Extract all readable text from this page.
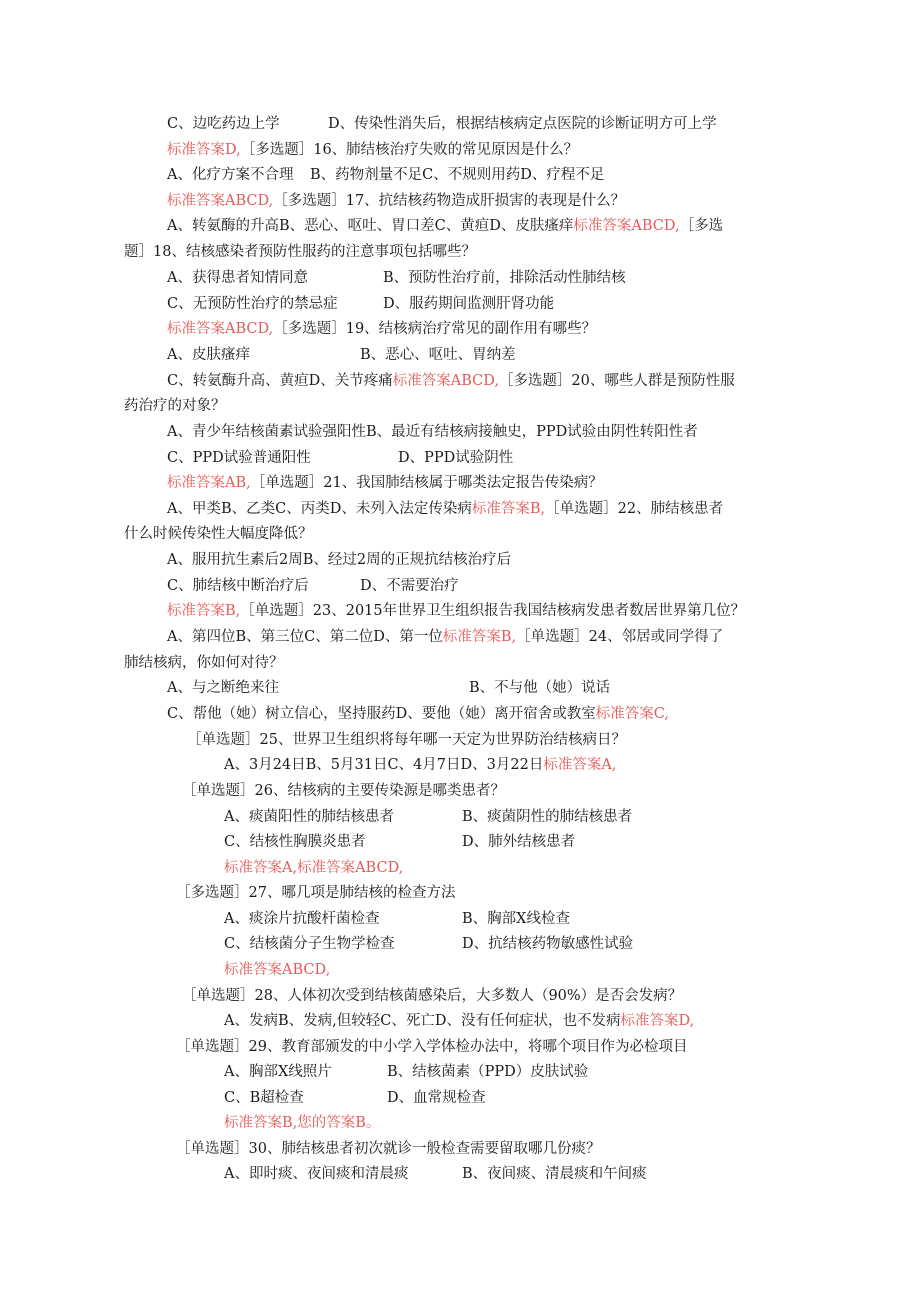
C、边吃药边上学	D、传染性消失后，根据结核病定点医院的诊断证明方可上学
标准答案D,［多选题］16、肺结核治疗失败的常见原因是什么？
A、化疗方案不合理 B、药物剂量不足C、不规则用药D、疗程不足
标准答案ABCD,［多选题］17、抗结核药物造成肝损害的表现是什么？
A、转氨酶的升高B、恶心、呕吐、胃口差C、黄疸D、皮肤瘙痒标准答案ABCD,［多选
题］18、结核感染者预防性服药的注意事项包括哪些？
A、获得患者知情同意	B、预防性治疗前，排除活动性肺结核
C、无预防性治疗的禁忌症	D、服药期间监测肝肾功能
标准答案ABCD,［多选题］19、结核病治疗常见的副作用有哪些？
A、皮肤瘙痒	B、恶心、呕吐、胃纳差
C、转氨酶升高、黄疸D、关节疼痛标准答案ABCD,［多选题］20、哪些人群是预防性服
药治疗的对象？
A、青少年结核菌素试验强阳性B、最近有结核病接触史，PPD试验由阴性转阳性者
C、PPD试验普通阳性	D、PPD试验阴性
标准答案AB,［单选题］21、我国肺结核属于哪类法定报告传染病？
A、甲类B、乙类C、丙类D、未列入法定传染病标准答案B,［单选题］22、肺结核患者
什么时候传染性大幅度降低？
A、服用抗生素后2周B、经过2周的正规抗结核治疗后
C、肺结核中断治疗后	D、不需要治疗
标准答案B,［单选题］23、2015年世界卫生组织报告我国结核病发患者数居世界第几位？
A、第四位B、第三位C、第二位D、第一位标准答案B,［单选题］24、邻居或同学得了
肺结核病，你如何对待？
A、与之断绝来往	B、不与他（她）说话
C、帮他（她）树立信心，坚持服药D、要他（她）离开宿舍或教室标准答案C,
［单选题］25、世界卫生组织将每年哪一天定为世界防治结核病日？
A、3月24日B、5月31日C、4月7日D、3月22日标准答案A,
［单选题］26、结核病的主要传染源是哪类患者？
A、痰菌阳性的肺结核患者	B、痰菌阴性的肺结核患者
C、结核性胸膜炎患者	D、肺外结核患者
标准答案A,标准答案ABCD,
［多选题］27、哪几项是肺结核的检查方法
A、痰涂片抗酸杆菌检查	B、胸部X线检查
C、结核菌分子生物学检查	D、抗结核药物敏感性试验
标准答案ABCD,
［单选题］28、人体初次受到结核菌感染后，大多数人（90%）是否会发病？
A、发病B、发病,但较轻C、死亡D、没有任何症状，也不发病标准答案D,
［单选题］29、教育部颁发的中小学入学体检办法中，将哪个项目作为必检项目
A、胸部X线照片	B、结核菌素（PPD）皮肤试验
C、B超检查	D、血常规检查
标准答案B,您的答案B。
［单选题］30、肺结核患者初次就诊一般检查需要留取哪几份痰？
A、即时痰、夜间痰和清晨痰	B、夜间痰、清晨痰和午间痰
